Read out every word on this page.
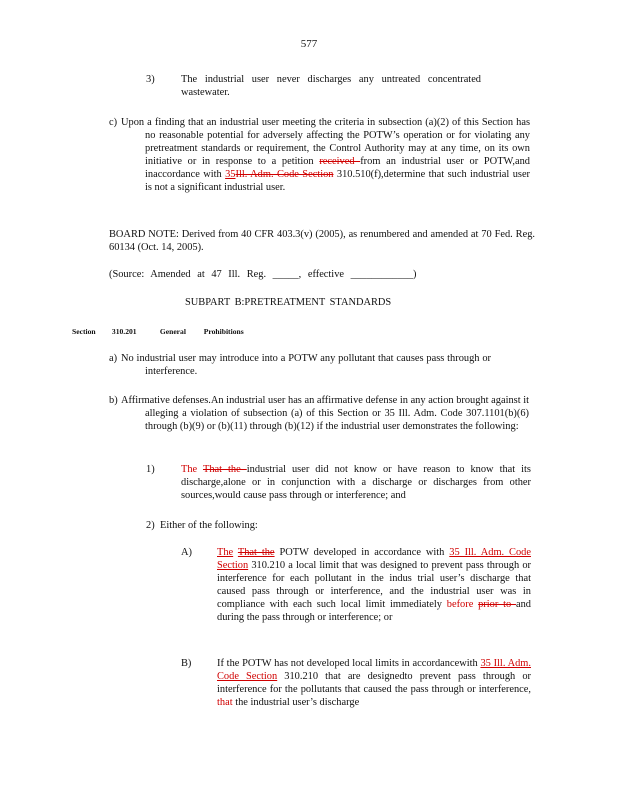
577
3)	The industrial user never discharges any untreated concentrated wastewater.
c) Upon a finding that an industrial user meeting the criteria in subsection (a)(2) of this Section has no reasonable potential for adversely affecting the POTW’s operation or for violating any pretreatment standards or requirement, the Control Authority may at any time, on its own initiative or in response to a petition received from an industrial user or POTW,and inaccordance with 35Ill. Adm. Code Section 310.510(f),determine that such industrial user is not a significant industrial user.
BOARD NOTE: Derived from 40 CFR 403.3(v) (2005), as renumbered and amended at 70 Fed. Reg. 60134 (Oct. 14, 2005).
(Source: Amended at 47 Ill. Reg. _____, effective ____________)
SUBPART B:PRETREATMENT STANDARDS
Section 310.201	General Prohibitions
a) No industrial user may introduce into a POTW any pollutant that causes pass through or interference.
b) Affirmative defenses.An industrial user has an affirmative defense in any action brought against it alleging a violation of subsection (a) of this Section or 35 Ill. Adm. Code 307.1101(b)(6) through (b)(9) or (b)(11) through (b)(12) if the industrial user demonstrates the following:
1)	The That the industrial user did not know or have reason to know that its discharge,alone or in conjunction with a discharge or discharges from other sources,would cause pass through or interference; and
2) Either of the following:
A) The That the POTW developed in accordance with 35 Ill. Adm. Code Section 310.210 a local limit that was designed to prevent pass through or interference for each pollutant in the indus trial user’s discharge that caused pass through or interference, and the industrial user was in compliance with each such local limit immediately before prior to and during the pass through or interference; or
B) If the POTW has not developed local limits in accordancewith 35 Ill. Adm. Code Section 310.210 that are designedto prevent pass through or interference for the pollutants that caused the pass through or interference, that the industrial user’s discharge
